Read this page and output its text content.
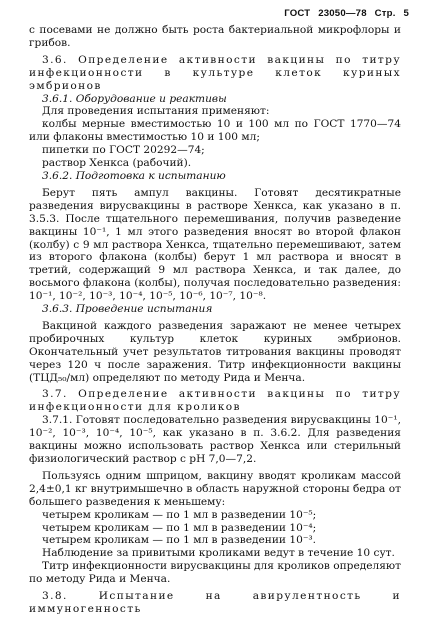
ГОСТ 23050—78 Стр. 5

с посевами не должно быть роста бактериальной микрофлоры и грибов.

3.6. Определение активности вакцины по титру инфекционности в культуре клеток куриных эмбрионов

3.6.1. Оборудование и реактивы

Для проведения испытания применяют:

колбы мерные вместимостью 10 и 100 мл по ГОСТ 1770—74 или флаконы вместимостью 10 и 100 мл;

пипетки по ГОСТ 20292—74;

раствор Хенкса (рабочий).

3.6.2. Подготовка к испытанию

Берут пять ампул вакцины. Готовят десятикратные разведения вирусвакцины в растворе Хенкса, как указано в п. 3.5.3. После тщательного перемешивания, получив разведение вакцины 10⁻¹, 1 мл этого разведения вносят во второй флакон (колбу) с 9 мл раствора Хенкса, тщательно перемешивают, затем из второго флакона (колбы) берут 1 мл раствора и вносят в третий, содержащий 9 мл раствора Хенкса, и так далее, до восьмого флакона (колбы), получая последовательно разведения: 10⁻¹, 10⁻², 10⁻³, 10⁻⁴, 10⁻⁵, 10⁻⁶, 10⁻⁷, 10⁻⁸.

3.6.3. Проведение испытания

Вакциной каждого разведения заражают не менее четырех пробирочных культур клеток куриных эмбрионов. Окончательный учет результатов титрования вакцины проводят через 120 ч после заражения. Титр инфекционности вакцины (ТЦД₅₀/мл) определяют по методу Рида и Менча.

3.7. Определение активности вакцины по титру инфекционности для кроликов

3.7.1. Готовят последовательно разведения вирусвакцины 10⁻¹, 10⁻², 10⁻³, 10⁻⁴, 10⁻⁵, как указано в п. 3.6.2. Для разведения вакцины можно использовать раствор Хенкса или стерильный физиологический раствор с рН 7,0—7,2.

Пользуясь одним шприцом, вакцину вводят кроликам массой 2,4±0,1 кг внутримышечно в область наружной стороны бедра от большего разведения к меньшему:

четырем кроликам — по 1 мл в разведении 10⁻⁵;

четырем кроликам — по 1 мл в разведении 10⁻⁴;

четырем кроликам — по 1 мл в разведении 10⁻³.

Наблюдение за привитыми кроликами ведут в течение 10 сут.

Титр инфекционности вирусвакцины для кроликов определяют по методу Рида и Менча.

3.8. Испытание на авирулентность и иммуногенность
